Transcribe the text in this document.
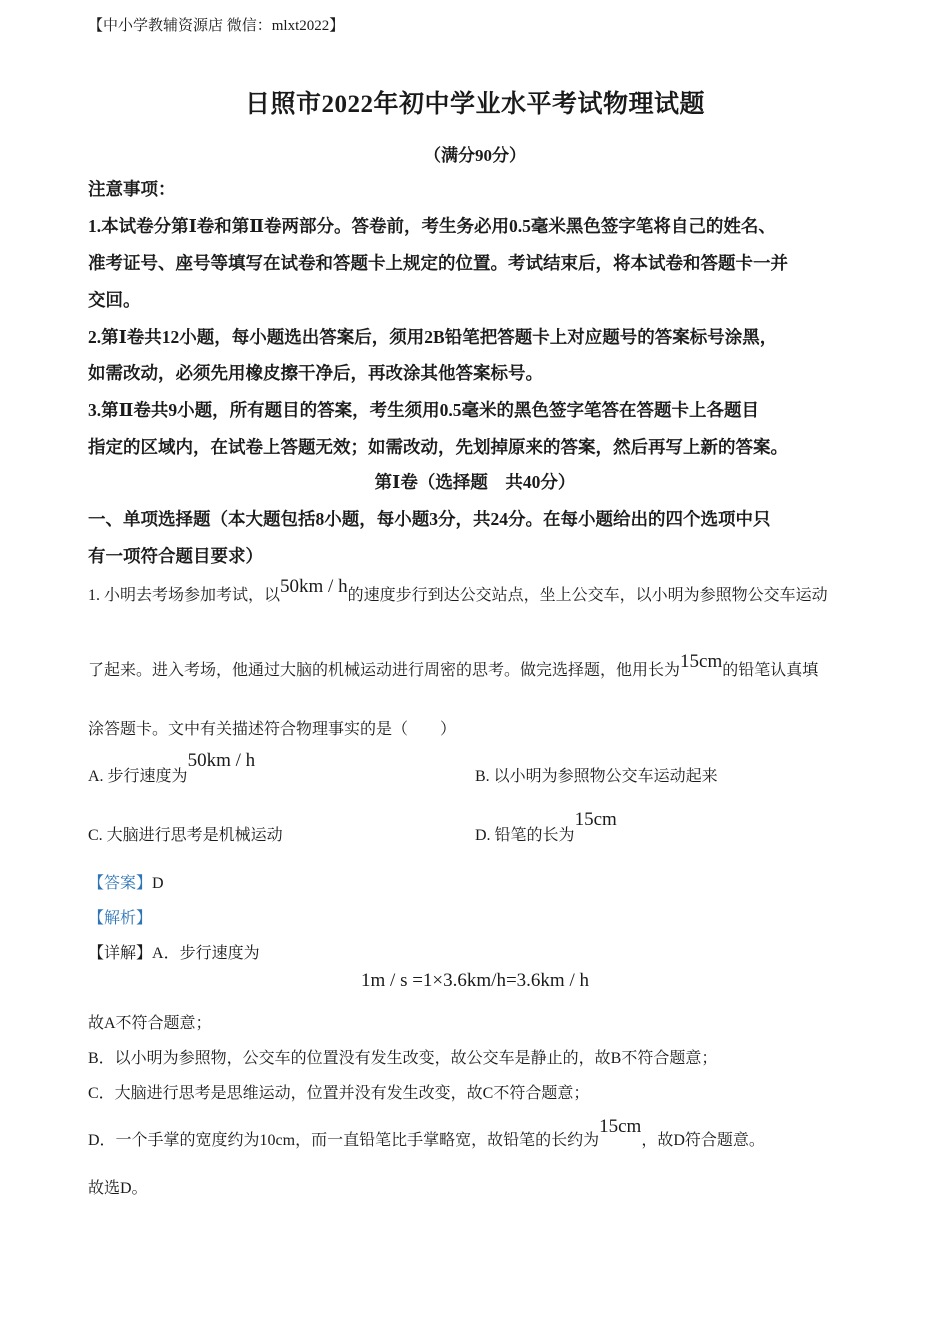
【中小学教辅资源店 微信：mlxt2022】
日照市2022年初中学业水平考试物理试题
（满分90分）
注意事项：
1.本试卷分第Ⅰ卷和第Ⅱ卷两部分。答卷前，考生务必用0.5毫米黑色签字笔将自己的姓名、
准考证号、座号等填写在试卷和答题卡上规定的位置。考试结束后，将本试卷和答题卡一并
交回。
2.第Ⅰ卷共12小题，每小题选出答案后，须用2B铅笔把答题卡上对应题号的答案标号涂黑，
如需改动，必须先用橡皮擦干净后，再改涂其他答案标号。
3.第Ⅱ卷共9小题，所有题目的答案，考生须用0.5毫米的黑色签字笔答在答题卡上各题目
指定的区域内，在试卷上答题无效；如需改动，先划掉原来的答案，然后再写上新的答案。
第Ⅰ卷（选择题　共40分）
一、单项选择题（本大题包括8小题，每小题3分，共24分。在每小题给出的四个选项中只
有一项符合题目要求）
1. 小明去考场参加考试，以50km / h的速度步行到达公交站点，坐上公交车，以小明为参照物公交车运动
了起来。进入考场，他通过大脑的机械运动进行周密的思考。做完选择题，他用长为15cm的铅笔认真填
涂答题卡。文中有关描述符合物理事实的是（　　）
A. 步行速度为50km / h
B. 以小明为参照物公交车运动起来
C. 大脑进行思考是机械运动	D. 铅笔的长为15cm
【答案】D
【解析】
【详解】A．步行速度为
1m / s =1×3.6km/h=3.6km / h
故A不符合题意；
B．以小明为参照物，公交车的位置没有发生改变，故公交车是静止的，故B不符合题意；
C．大脑进行思考是思维运动，位置并没有发生改变，故C不符合题意；
D．一个手掌的宽度约为10cm，而一直铅笔比手掌略宽，故铅笔的长约为15cm，故D符合题意。
故选D。
